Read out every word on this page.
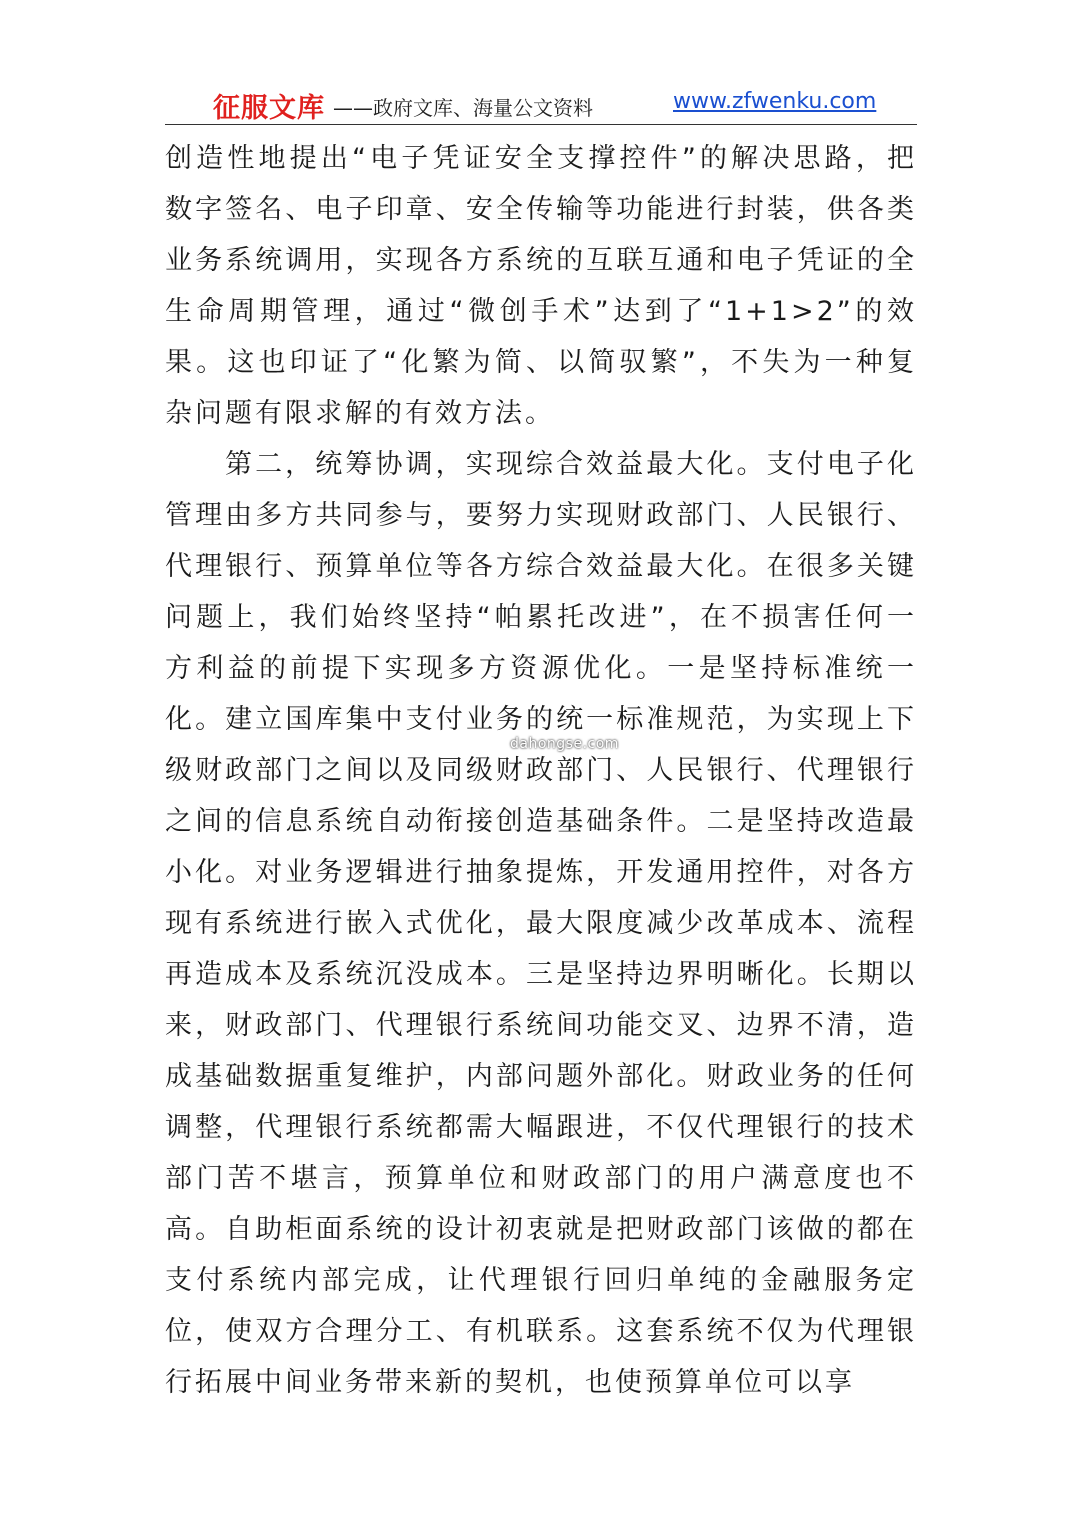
征服文库 ——政府文库、海量公文资料	www.zfwenku.com

创造性地提出“电子凭证安全支撑控件”的解决思路，把数字签名、电子印章、安全传输等功能进行封装，供各类业务系统调用，实现各方系统的互联互通和电子凭证的全生命周期管理，通过“微创手术”达到了“1+1>2”的效果。这也印证了“化繁为简、以简驭繁”，不失为一种复杂问题有限求解的有效方法。

第二，统筹协调，实现综合效益最大化。支付电子化管理由多方共同参与，要努力实现财政部门、人民银行、代理银行、预算单位等各方综合效益最大化。在很多关键问题上，我们始终坚持“帕累托改进”，在不损害任何一方利益的前提下实现多方资源优化。一是坚持标准统一化。建立国库集中支付业务的统一标准规范，为实现上下级财政部门之间以及同级财政部门、人民银行、代理银行之间的信息系统自动衔接创造基础条件。二是坚持改造最小化。对业务逻辑进行抽象提炼，开发通用控件，对各方现有系统进行嵌入式优化，最大限度减少改革成本、流程再造成本及系统沉没成本。三是坚持边界明晰化。长期以来，财政部门、代理银行系统间功能交叉、边界不清，造成基础数据重复维护，内部问题外部化。财政业务的任何调整，代理银行系统都需大幅跟进，不仅代理银行的技术部门苦不堪言，预算单位和财政部门的用户满意度也不高。自助柜面系统的设计初衷就是把财政部门该做的都在支付系统内部完成，让代理银行回归单纯的金融服务定位，使双方合理分工、有机联系。这套系统不仅为代理银行拓展中间业务带来新的契机，也使预算单位可以享

dahongse.com
